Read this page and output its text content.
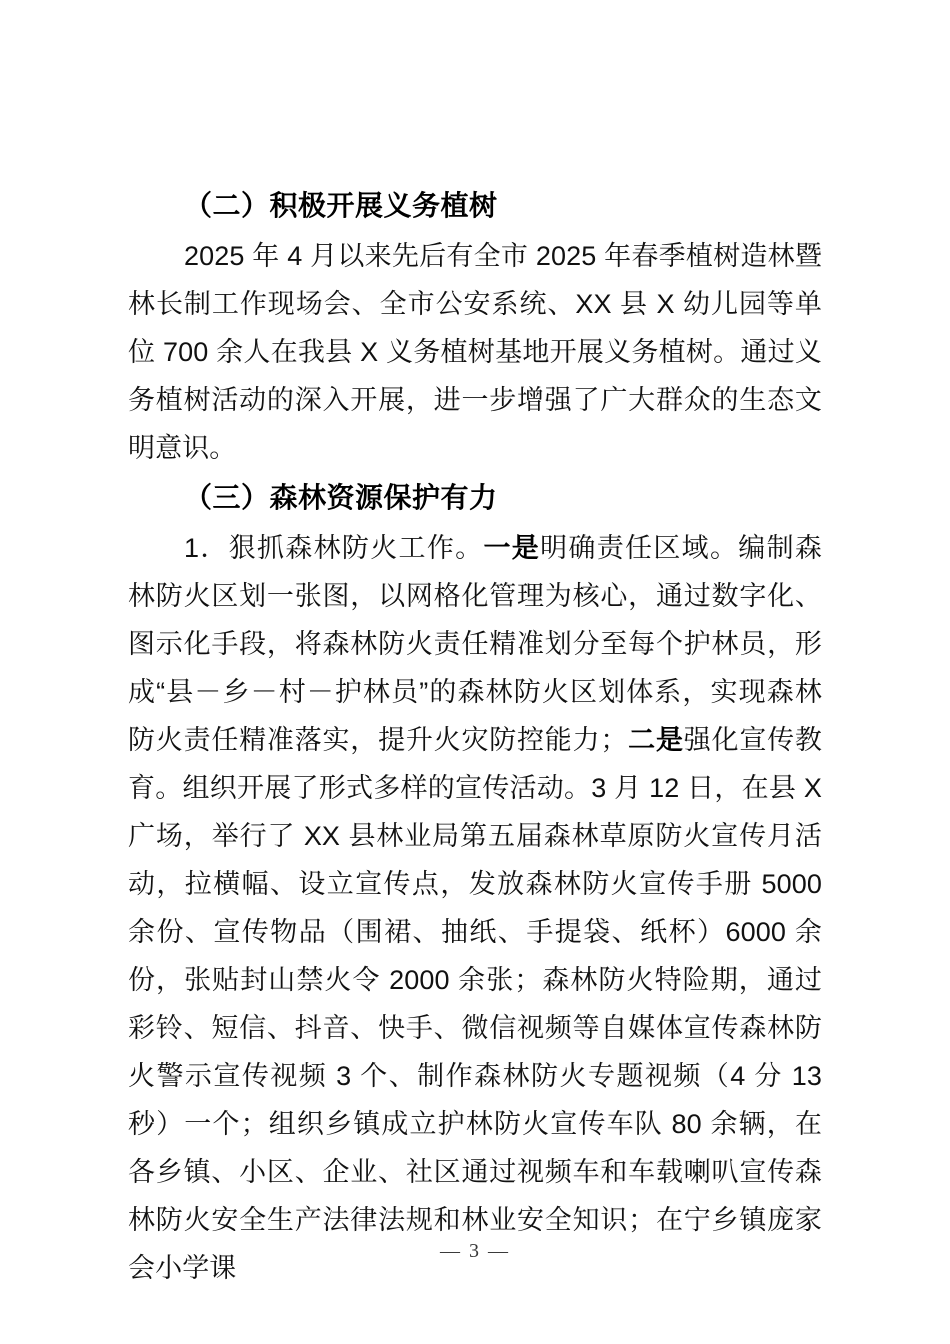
（二）积极开展义务植树

2025 年 4 月以来先后有全市 2025 年春季植树造林暨林长制工作现场会、全市公安系统、XX 县 X 幼儿园等单位 700 余人在我县 X 义务植树基地开展义务植树。通过义务植树活动的深入开展，进一步增强了广大群众的生态文明意识。

（三）森林资源保护有力

1．狠抓森林防火工作。一是明确责任区域。编制森林防火区划一张图，以网格化管理为核心，通过数字化、图示化手段，将森林防火责任精准划分至每个护林员，形成“县－乡－村－护林员”的森林防火区划体系，实现森林防火责任精准落实，提升火灾防控能力；二是强化宣传教育。组织开展了形式多样的宣传活动。3 月 12 日，在县 X 广场，举行了 XX 县林业局第五届森林草原防火宣传月活动，拉横幅、设立宣传点，发放森林防火宣传手册 5000 余份、宣传物品（围裙、抽纸、手提袋、纸杯）6000 余份，张贴封山禁火令 2000 余张；森林防火特险期，通过彩铃、短信、抖音、快手、微信视频等自媒体宣传森林防火警示宣传视频 3 个、制作森林防火专题视频（4 分 13 秒）一个；组织乡镇成立护林防火宣传车队 80 余辆，在各乡镇、小区、企业、社区通过视频车和车载喇叭宣传森林防火安全生产法律法规和林业安全知识；在宁乡镇庞家会小学课

— 3 —
